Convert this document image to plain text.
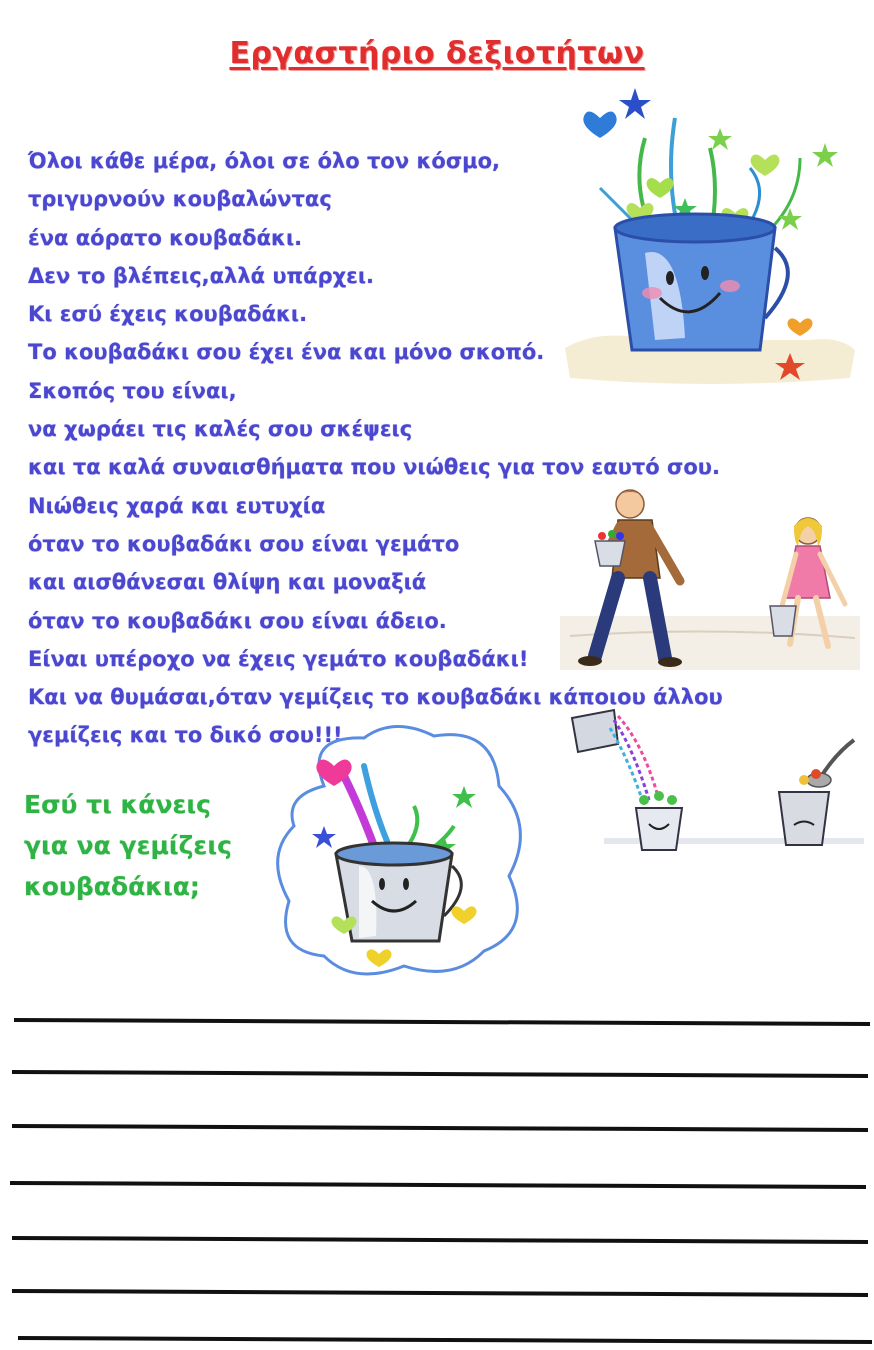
Εργαστήριο δεξιοτήτων
Όλοι κάθε μέρα, όλοι σε όλο τον κόσμο,
τριγυρνούν κουβαλώντας
ένα αόρατο κουβαδάκι.
Δεν το βλέπεις,αλλά υπάρχει.
Κι εσύ έχεις κουβαδάκι.
Το κουβαδάκι σου έχει ένα και μόνο σκοπό.
Σκοπός του είναι,
να χωράει τις καλές σου σκέψεις
και τα καλά συναισθήματα που νιώθεις για τον εαυτό σου.
Νιώθεις χαρά και ευτυχία
όταν το κουβαδάκι σου είναι γεμάτο
και αισθάνεσαι θλίψη και μοναξιά
όταν το κουβαδάκι σου είναι άδειο.
Είναι υπέροχο να έχεις γεμάτο κουβαδάκι!
Και να θυμάσαι,όταν γεμίζεις το κουβαδάκι κάποιου άλλου
γεμίζεις και το δικό σου!!!
Εσύ τι κάνεις
για να γεμίζεις
κουβαδάκια;
